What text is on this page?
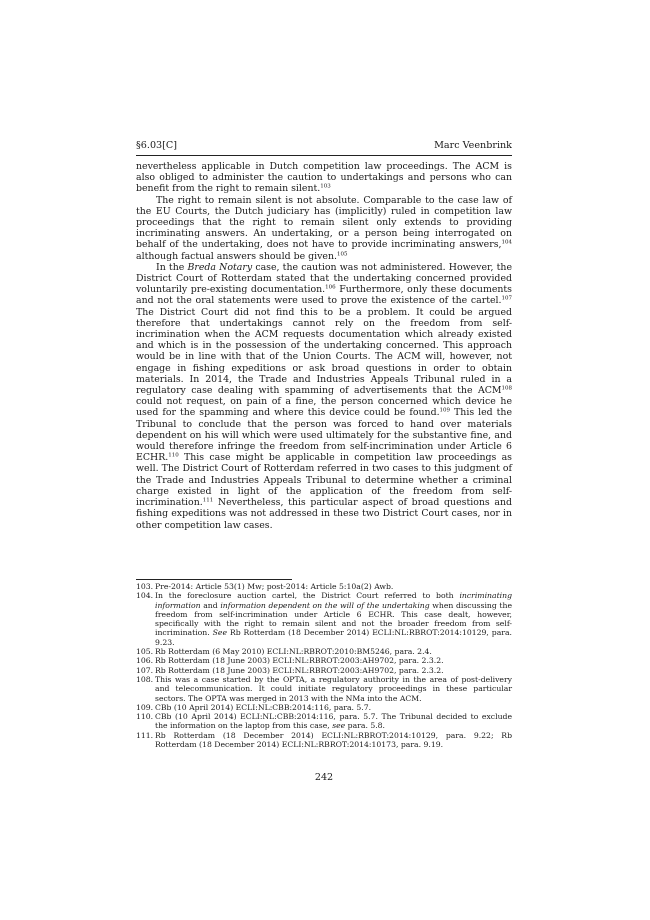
§6.03[C]	Marc Veenbrink

nevertheless applicable in Dutch competition law proceedings. The ACM is also obliged to administer the caution to undertakings and persons who can benefit from the right to remain silent.$^{103}$

The right to remain silent is not absolute. Comparable to the case law of the EU Courts, the Dutch judiciary has (implicitly) ruled in competition law proceedings that the right to remain silent only extends to providing incriminating answers. An undertaking, or a person being interrogated on behalf of the undertaking, does not have to provide incriminating answers,$^{104}$ although factual answers should be given.$^{105}$

In the Breda Notary case, the caution was not administered. However, the District Court of Rotterdam stated that the undertaking concerned provided voluntarily pre-existing documentation.$^{106}$ Furthermore, only these documents and not the oral statements were used to prove the existence of the cartel.$^{107}$ The District Court did not find this to be a problem. It could be argued therefore that undertakings cannot rely on the freedom from self-incrimination when the ACM requests documentation which already existed and which is in the possession of the undertaking concerned. This approach would be in line with that of the Union Courts. The ACM will, however, not engage in fishing expeditions or ask broad questions in order to obtain materials. In 2014, the Trade and Industries Appeals Tribunal ruled in a regulatory case dealing with spamming of advertisements that the ACM$^{108}$ could not request, on pain of a fine, the person concerned which device he used for the spamming and where this device could be found.$^{109}$ This led the Tribunal to conclude that the person was forced to hand over materials dependent on his will which were used ultimately for the substantive fine, and would therefore infringe the freedom from self-incrimination under Article 6 ECHR.$^{110}$ This case might be applicable in competition law proceedings as well. The District Court of Rotterdam referred in two cases to this judgment of the Trade and Industries Appeals Tribunal to determine whether a criminal charge existed in light of the application of the freedom from self-incrimination.$^{111}$ Nevertheless, this particular aspect of broad questions and fishing expeditions was not addressed in these two District Court cases, nor in other competition law cases.

103. Pre-2014: Article 53(1) Mw; post-2014: Article 5:10a(2) Awb.
104. In the foreclosure auction cartel, the District Court referred to both incriminating information and information dependent on the will of the undertaking when discussing the freedom from self-incrimination under Article 6 ECHR. This case dealt, however, specifically with the right to remain silent and not the broader freedom from self-incrimination. See Rb Rotterdam (18 December 2014) ECLI:NL:RBROT:2014:10129, para. 9.23.
105. Rb Rotterdam (6 May 2010) ECLI:NL:RBROT:2010:BM5246, para. 2.4.
106. Rb Rotterdam (18 June 2003) ECLI:NL:RBROT:2003:AH9702, para. 2.3.2.
107. Rb Rotterdam (18 June 2003) ECLI:NL:RBROT:2003:AH9702, para. 2.3.2.
108. This was a case started by the OPTA, a regulatory authority in the area of post-delivery and telecommunication. It could initiate regulatory proceedings in these particular sectors. The OPTA was merged in 2013 with the NMa into the ACM.
109. CBb (10 April 2014) ECLI:NL:CBB:2014:116, para. 5.7.
110. CBb (10 April 2014) ECLI:NL:CBB:2014:116, para. 5.7. The Tribunal decided to exclude the information on the laptop from this case, see para. 5.8.
111. Rb Rotterdam (18 December 2014) ECLI:NL:RBROT:2014:10129, para. 9.22; Rb Rotterdam (18 December 2014) ECLI:NL:RBROT:2014:10173, para. 9.19.
242
